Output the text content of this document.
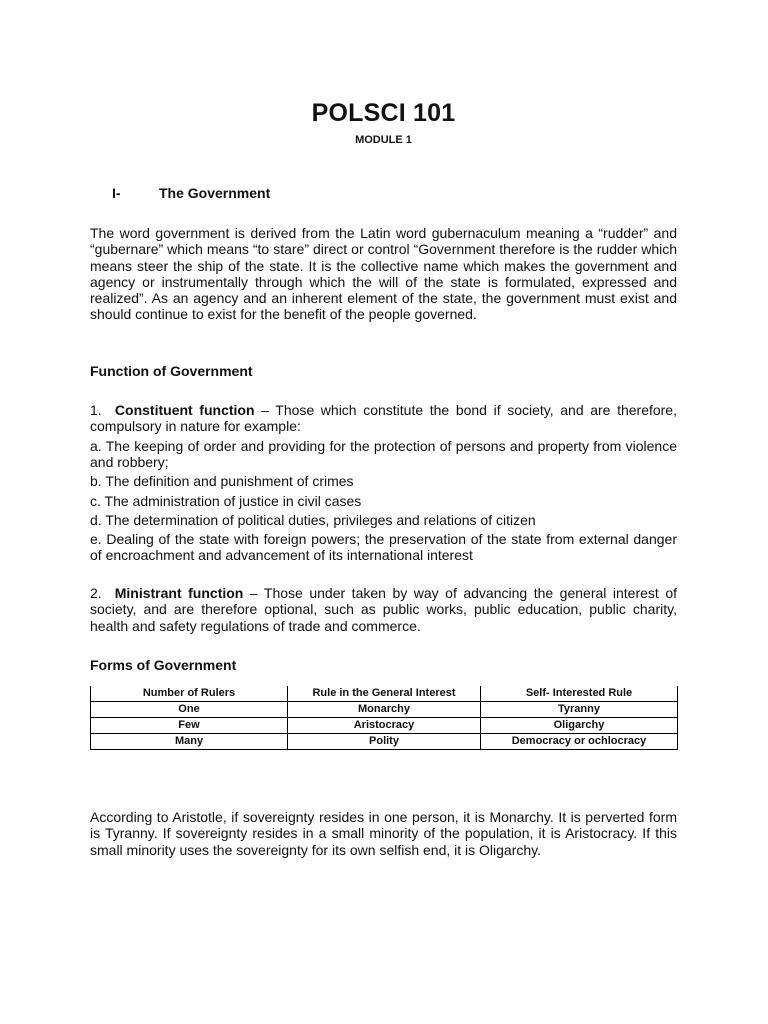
POLSCI 101
MODULE 1
I-	The Government
The word government is derived from the Latin word gubernaculum meaning a “rudder” and “gubernare” which means “to stare” direct or control “Government therefore is the rudder which means steer the ship of the state. It is the collective name which makes the government and agency or instrumentally through which the will of the state is formulated, expressed and realized”. As an agency and an inherent element of the state, the government must exist and should continue to exist for the benefit of the people governed.
Function of Government
1. Constituent function – Those which constitute the bond if society, and are therefore, compulsory in nature for example:
a. The keeping of order and providing for the protection of persons and property from violence and robbery;
b. The definition and punishment of crimes
c. The administration of justice in civil cases
d. The determination of political duties, privileges and relations of citizen
e. Dealing of the state with foreign powers; the preservation of the state from external danger of encroachment and advancement of its international interest
2. Ministrant function – Those under taken by way of advancing the general interest of society, and are therefore optional, such as public works, public education, public charity, health and safety regulations of trade and commerce.
Forms of Government
Number of Rulers	Rule in the General Interest	Self- Interested Rule
One	Monarchy	Tyranny
Few	Aristocracy	Oligarchy
Many	Polity	Democracy or ochlocracy
According to Aristotle, if sovereignty resides in one person, it is Monarchy. It is perverted form is Tyranny. If sovereignty resides in a small minority of the population, it is Aristocracy. If this small minority uses the sovereignty for its own selfish end, it is Oligarchy.
